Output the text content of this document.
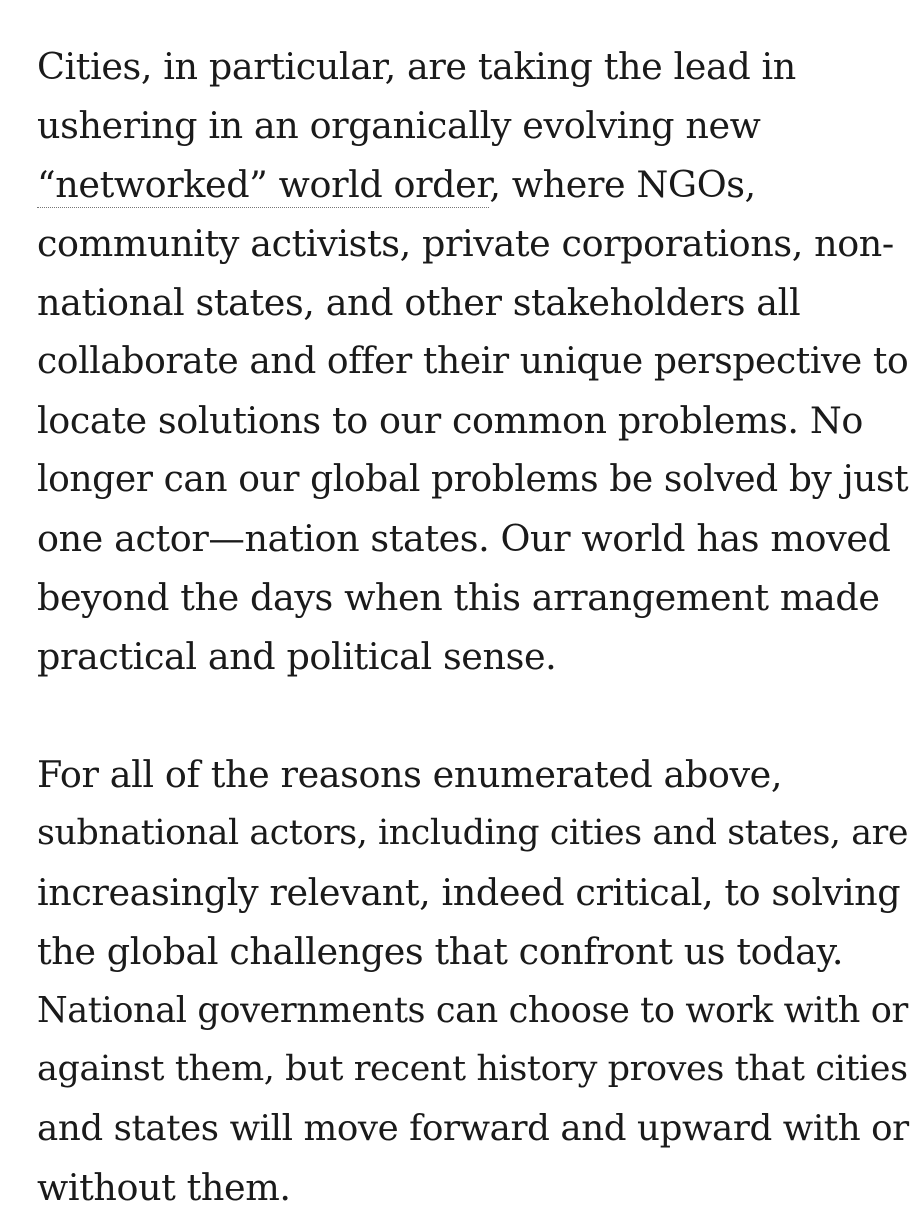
Cities, in particular, are taking the lead in
ushering in an organically evolving new
“networked” world order, where NGOs,
community activists, private corporations, non-
national states, and other stakeholders all
collaborate and offer their unique perspective to
locate solutions to our common problems. No
longer can our global problems be solved by just
one actor—nation states. Our world has moved
beyond the days when this arrangement made
practical and political sense.
For all of the reasons enumerated above,
subnational actors, including cities and states, are
increasingly relevant, indeed critical, to solving
the global challenges that confront us today.
National governments can choose to work with or
against them, but recent history proves that cities
and states will move forward and upward with or
without them.
